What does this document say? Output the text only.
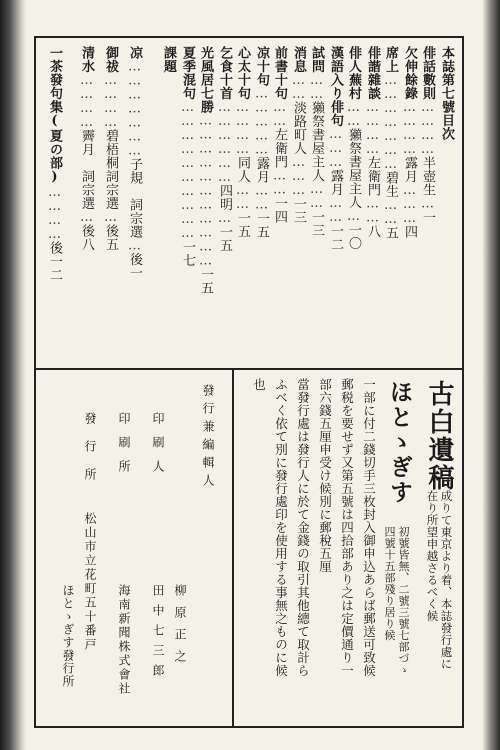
本誌第七號目次
俳話數則…………半壺生…一
欠伸餘錄…………露月………四
席上…………………碧生……五
俳諧雜談…………左衛門……八
俳人蕪村……獺祭書屋主人…一〇
漢語入り俳句………露月……一二
試問……獺祭書屋主人……一三
消息……淡路町人………一三
前書十句……左衛門……一四
凉十句……………露月……一五
心太十句…………同人……一五
乞食十首………………四明…一五
光風居七勝……………………………一五
夏季混句…………………………一七
課題
凉…………………子規　詞宗選…後一
御祓…………碧梧桐詞宗選…後五
清水…………霽月　詞宗選…後八
一茶發句集(夏の部)…………後一二
古白遺稿
成りて東京より着、本誌發行處に
在り所望申越さるべく候
ほとゝぎす
初號皆無、二號三號七部づゝ
四號十五部殘り居り候
一部に付二錢切手三枚封入御申込あらば郵送可致候
郵税を要せず又第五號は四拾部あり之は定價通り一
部六錢五厘申受け候別に郵稅五厘
當發行處は發行人に於て金錢の取引其他總て取計ら
ふべく依て別に發行處印を使用する事無之ものに候
也
發行兼編輯人
柳原正之
印刷人
田中七三郎
印刷所
海南新聞株式會社
發行所
松山市立花町五十番戸
ほとゝぎす發行所
